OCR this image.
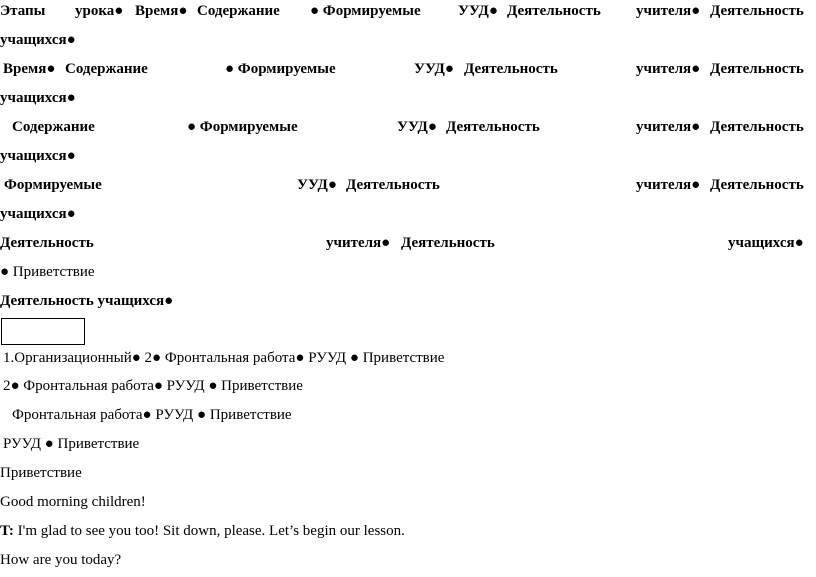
Этапы урока● Время● Содержание ● Формируемые УУД● Деятельность учителя● Деятельность
учащихся●
Время● Содержание	● Формируемые	УУД● Деятельность	учителя● Деятельность
учащихся●
Содержание	● Формируемые	УУД● Деятельность	учителя● Деятельность
учащихся●
Формируемые	УУД● Деятельность	учителя● Деятельность
учащихся●
Деятельность	учителя● Деятельность	учащихся●
● Приветствие
Деятельность учащихся●
1.Организационный● 2● Фронтальная работа● РУУД ● Приветствие
2● Фронтальная работа● РУУД ● Приветствие
Фронтальная работа● РУУД ● Приветствие
РУУД ● Приветствие
Приветствие
Good morning children!
T: I'm glad to see you too! Sit down, please. Let’s begin our lesson.
How are you today?
